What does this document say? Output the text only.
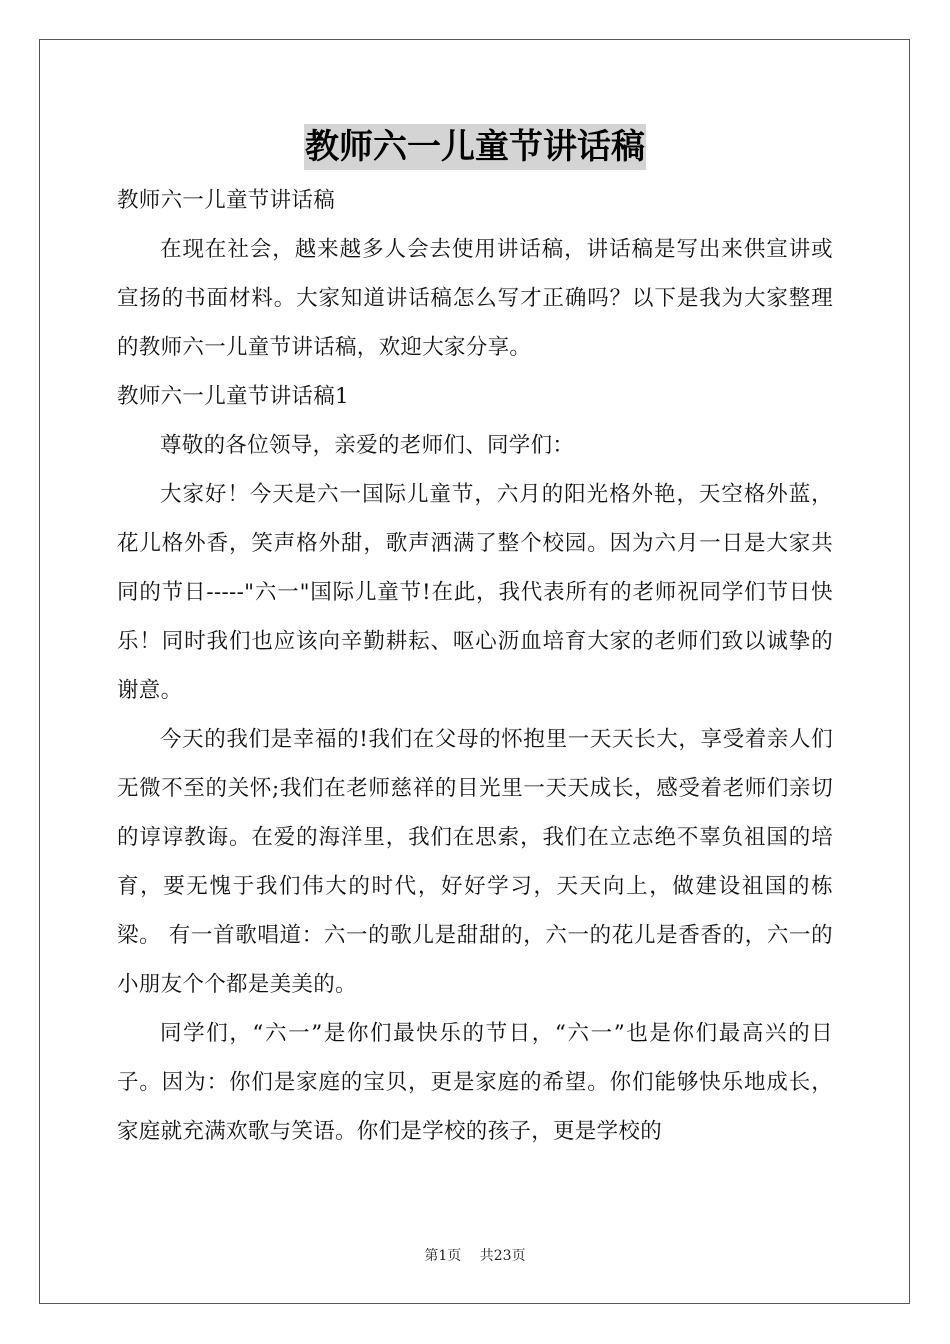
教师六一儿童节讲话稿

教师六一儿童节讲话稿

在现在社会，越来越多人会去使用讲话稿，讲话稿是写出来供宣讲或宣扬的书面材料。大家知道讲话稿怎么写才正确吗？以下是我为大家整理的教师六一儿童节讲话稿，欢迎大家分享。

教师六一儿童节讲话稿1

尊敬的各位领导，亲爱的老师们、同学们：

大家好！今天是六一国际儿童节，六月的阳光格外艳，天空格外蓝，花儿格外香，笑声格外甜，歌声洒满了整个校园。因为六月一日是大家共同的节日-----"六一"国际儿童节!在此，我代表所有的老师祝同学们节日快乐！同时我们也应该向辛勤耕耘、呕心沥血培育大家的老师们致以诚挚的谢意。

今天的我们是幸福的!我们在父母的怀抱里一天天长大，享受着亲人们无微不至的关怀;我们在老师慈祥的目光里一天天成长，感受着老师们亲切的谆谆教诲。在爱的海洋里，我们在思索，我们在立志绝不辜负祖国的培育，要无愧于我们伟大的时代，好好学习，天天向上，做建设祖国的栋梁。 有一首歌唱道：六一的歌儿是甜甜的，六一的花儿是香香的，六一的小朋友个个都是美美的。

同学们，“六一”是你们最快乐的节日，“六一”也是你们最高兴的日子。因为：你们是家庭的宝贝，更是家庭的希望。你们能够快乐地成长，家庭就充满欢歌与笑语。你们是学校的孩子，更是学校的

第1页 共23页
